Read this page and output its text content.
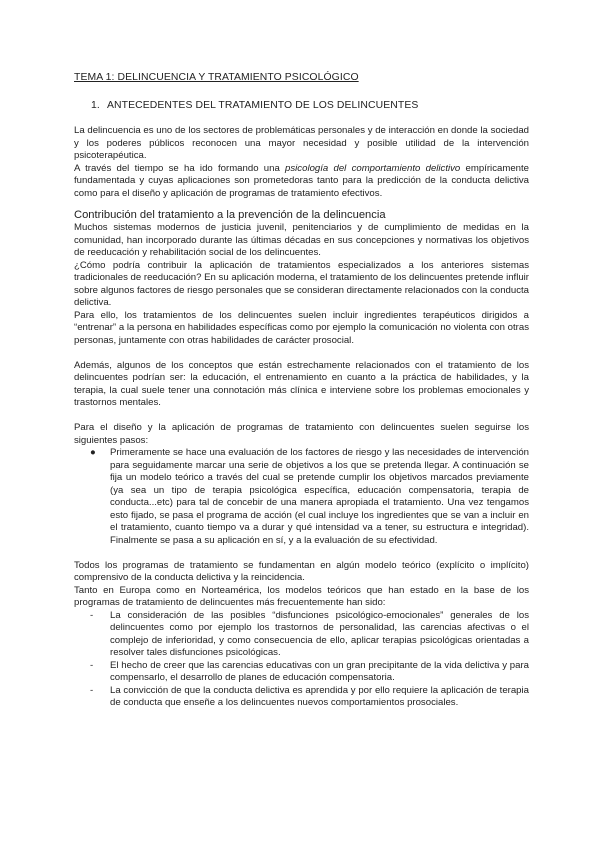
TEMA 1: DELINCUENCIA Y TRATAMIENTO PSICOLÓGICO
1. ANTECEDENTES DEL TRATAMIENTO DE LOS DELINCUENTES

La delincuencia es uno de los sectores de problemáticas personales y de interacción en donde la sociedad y los poderes públicos reconocen una mayor necesidad y posible utilidad de la intervención psicoterapéutica.

A través del tiempo se ha ido formando una psicología del comportamiento delictivo empíricamente fundamentada y cuyas aplicaciones son prometedoras tanto para la predicción de la conducta delictiva como para el diseño y aplicación de programas de tratamiento efectivos.

Contribución del tratamiento a la prevención de la delincuencia

Muchos sistemas modernos de justicia juvenil, penitenciarios y de cumplimiento de medidas en la comunidad, han incorporado durante las últimas décadas en sus concepciones y normativas los objetivos de reeducación y rehabilitación social de los delincuentes.

¿Cómo podría contribuir la aplicación de tratamientos especializados a los anteriores sistemas tradicionales de reeducación? En su aplicación moderna, el tratamiento de los delincuentes pretende influir sobre algunos factores de riesgo personales que se consideran directamente relacionados con la conducta delictiva.

Para ello, los tratamientos de los delincuentes suelen incluir ingredientes terapéuticos dirigidos a “entrenar” a la persona en habilidades específicas como por ejemplo la comunicación no violenta con otras personas, juntamente con otras habilidades de carácter prosocial.

Además, algunos de los conceptos que están estrechamente relacionados con el tratamiento de los delincuentes podrían ser: la educación, el entrenamiento en cuanto a la práctica de habilidades, y la terapia, la cual suele tener una connotación más clínica e interviene sobre los problemas emocionales y trastornos mentales.

Para el diseño y la aplicación de programas de tratamiento con delincuentes suelen seguirse los siguientes pasos:

● Primeramente se hace una evaluación de los factores de riesgo y las necesidades de intervención para seguidamente marcar una serie de objetivos a los que se pretenda llegar. A continuación se fija un modelo teórico a través del cual se pretende cumplir los objetivos marcados previamente (ya sea un tipo de terapia psicológica específica, educación compensatoria, terapia de conducta...etc) para tal de concebir de una manera apropiada el tratamiento. Una vez tengamos esto fijado, se pasa el programa de acción (el cual incluye los ingredientes que se van a incluir en el tratamiento, cuanto tiempo va a durar y qué intensidad va a tener, su estructura e integridad). Finalmente se pasa a su aplicación en sí, y a la evaluación de su efectividad.

Todos los programas de tratamiento se fundamentan en algún modelo teórico (explícito o implícito) comprensivo de la conducta delictiva y la reincidencia.

Tanto en Europa como en Norteamérica, los modelos teóricos que han estado en la base de los programas de tratamiento de delincuentes más frecuentemente han sido:

- La consideración de las posibles “disfunciones psicológico-emocionales” generales de los delincuentes como por ejemplo los trastornos de personalidad, las carencias afectivas o el complejo de inferioridad, y como consecuencia de ello, aplicar terapias psicológicas orientadas a resolver tales disfunciones psicológicas.
- El hecho de creer que las carencias educativas con un gran precipitante de la vida delictiva y para compensarlo, el desarrollo de planes de educación compensatoria.
- La convicción de que la conducta delictiva es aprendida y por ello requiere la aplicación de terapia de conducta que enseñe a los delincuentes nuevos comportamientos prosociales.
